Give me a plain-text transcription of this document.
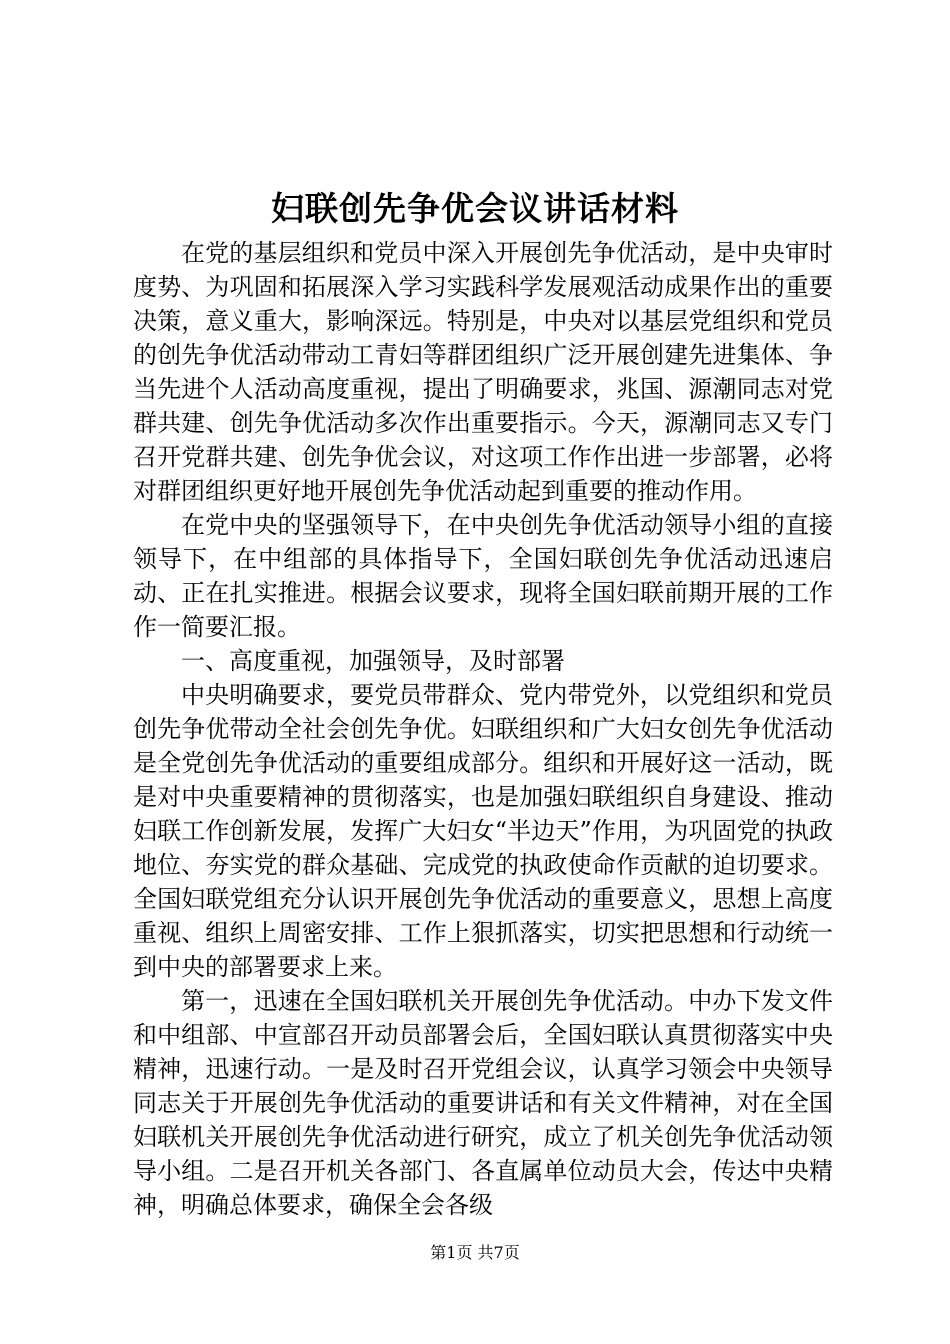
妇联创先争优会议讲话材料

在党的基层组织和党员中深入开展创先争优活动，是中央审时度势、为巩固和拓展深入学习实践科学发展观活动成果作出的重要决策，意义重大，影响深远。特别是，中央对以基层党组织和党员的创先争优活动带动工青妇等群团组织广泛开展创建先进集体、争当先进个人活动高度重视，提出了明确要求，兆国、源潮同志对党群共建、创先争优活动多次作出重要指示。今天，源潮同志又专门召开党群共建、创先争优会议，对这项工作作出进一步部署，必将对群团组织更好地开展创先争优活动起到重要的推动作用。

在党中央的坚强领导下，在中央创先争优活动领导小组的直接领导下，在中组部的具体指导下，全国妇联创先争优活动迅速启动、正在扎实推进。根据会议要求，现将全国妇联前期开展的工作作一简要汇报。

一、高度重视，加强领导，及时部署

中央明确要求，要党员带群众、党内带党外，以党组织和党员创先争优带动全社会创先争优。妇联组织和广大妇女创先争优活动是全党创先争优活动的重要组成部分。组织和开展好这一活动，既是对中央重要精神的贯彻落实，也是加强妇联组织自身建设、推动妇联工作创新发展，发挥广大妇女“半边天”作用，为巩固党的执政地位、夯实党的群众基础、完成党的执政使命作贡献的迫切要求。全国妇联党组充分认识开展创先争优活动的重要意义，思想上高度重视、组织上周密安排、工作上狠抓落实，切实把思想和行动统一到中央的部署要求上来。

第一，迅速在全国妇联机关开展创先争优活动。中办下发文件和中组部、中宣部召开动员部署会后，全国妇联认真贯彻落实中央精神，迅速行动。一是及时召开党组会议，认真学习领会中央领导同志关于开展创先争优活动的重要讲话和有关文件精神，对在全国妇联机关开展创先争优活动进行研究，成立了机关创先争优活动领导小组。二是召开机关各部门、各直属单位动员大会，传达中央精神，明确总体要求，确保全会各级

第1页 共7页
